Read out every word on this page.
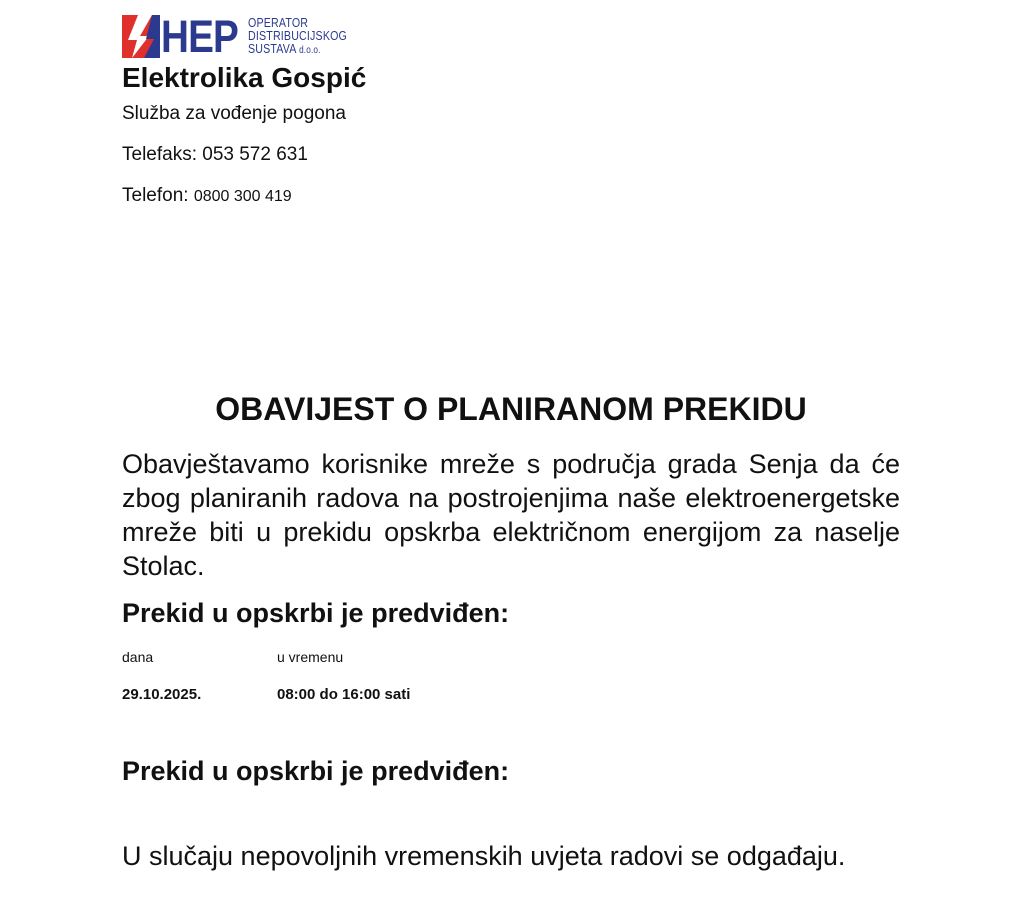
HEP OPERATOR
DISTRIBUCIJSKOG
SUSTAVA d.o.o.
Elektrolika Gospić
Služba za vođenje pogona
Telefaks: 053 572 631
Telefon: 0800 300 419
OBAVIJEST O PLANIRANOM PREKIDU
Obavještavamo korisnike mreže s područja grada Senja da će zbog planiranih radova na postrojenjima naše elektroenergetske mreže biti u prekidu opskrba električnom energijom za naselje Stolac.
Prekid u opskrbi je predviđen:
dana	u vremenu
29.10.2025.	08:00 do 16:00 sati
Prekid u opskrbi je predviđen:
U slučaju nepovoljnih vremenskih uvjeta radovi se odgađaju.
